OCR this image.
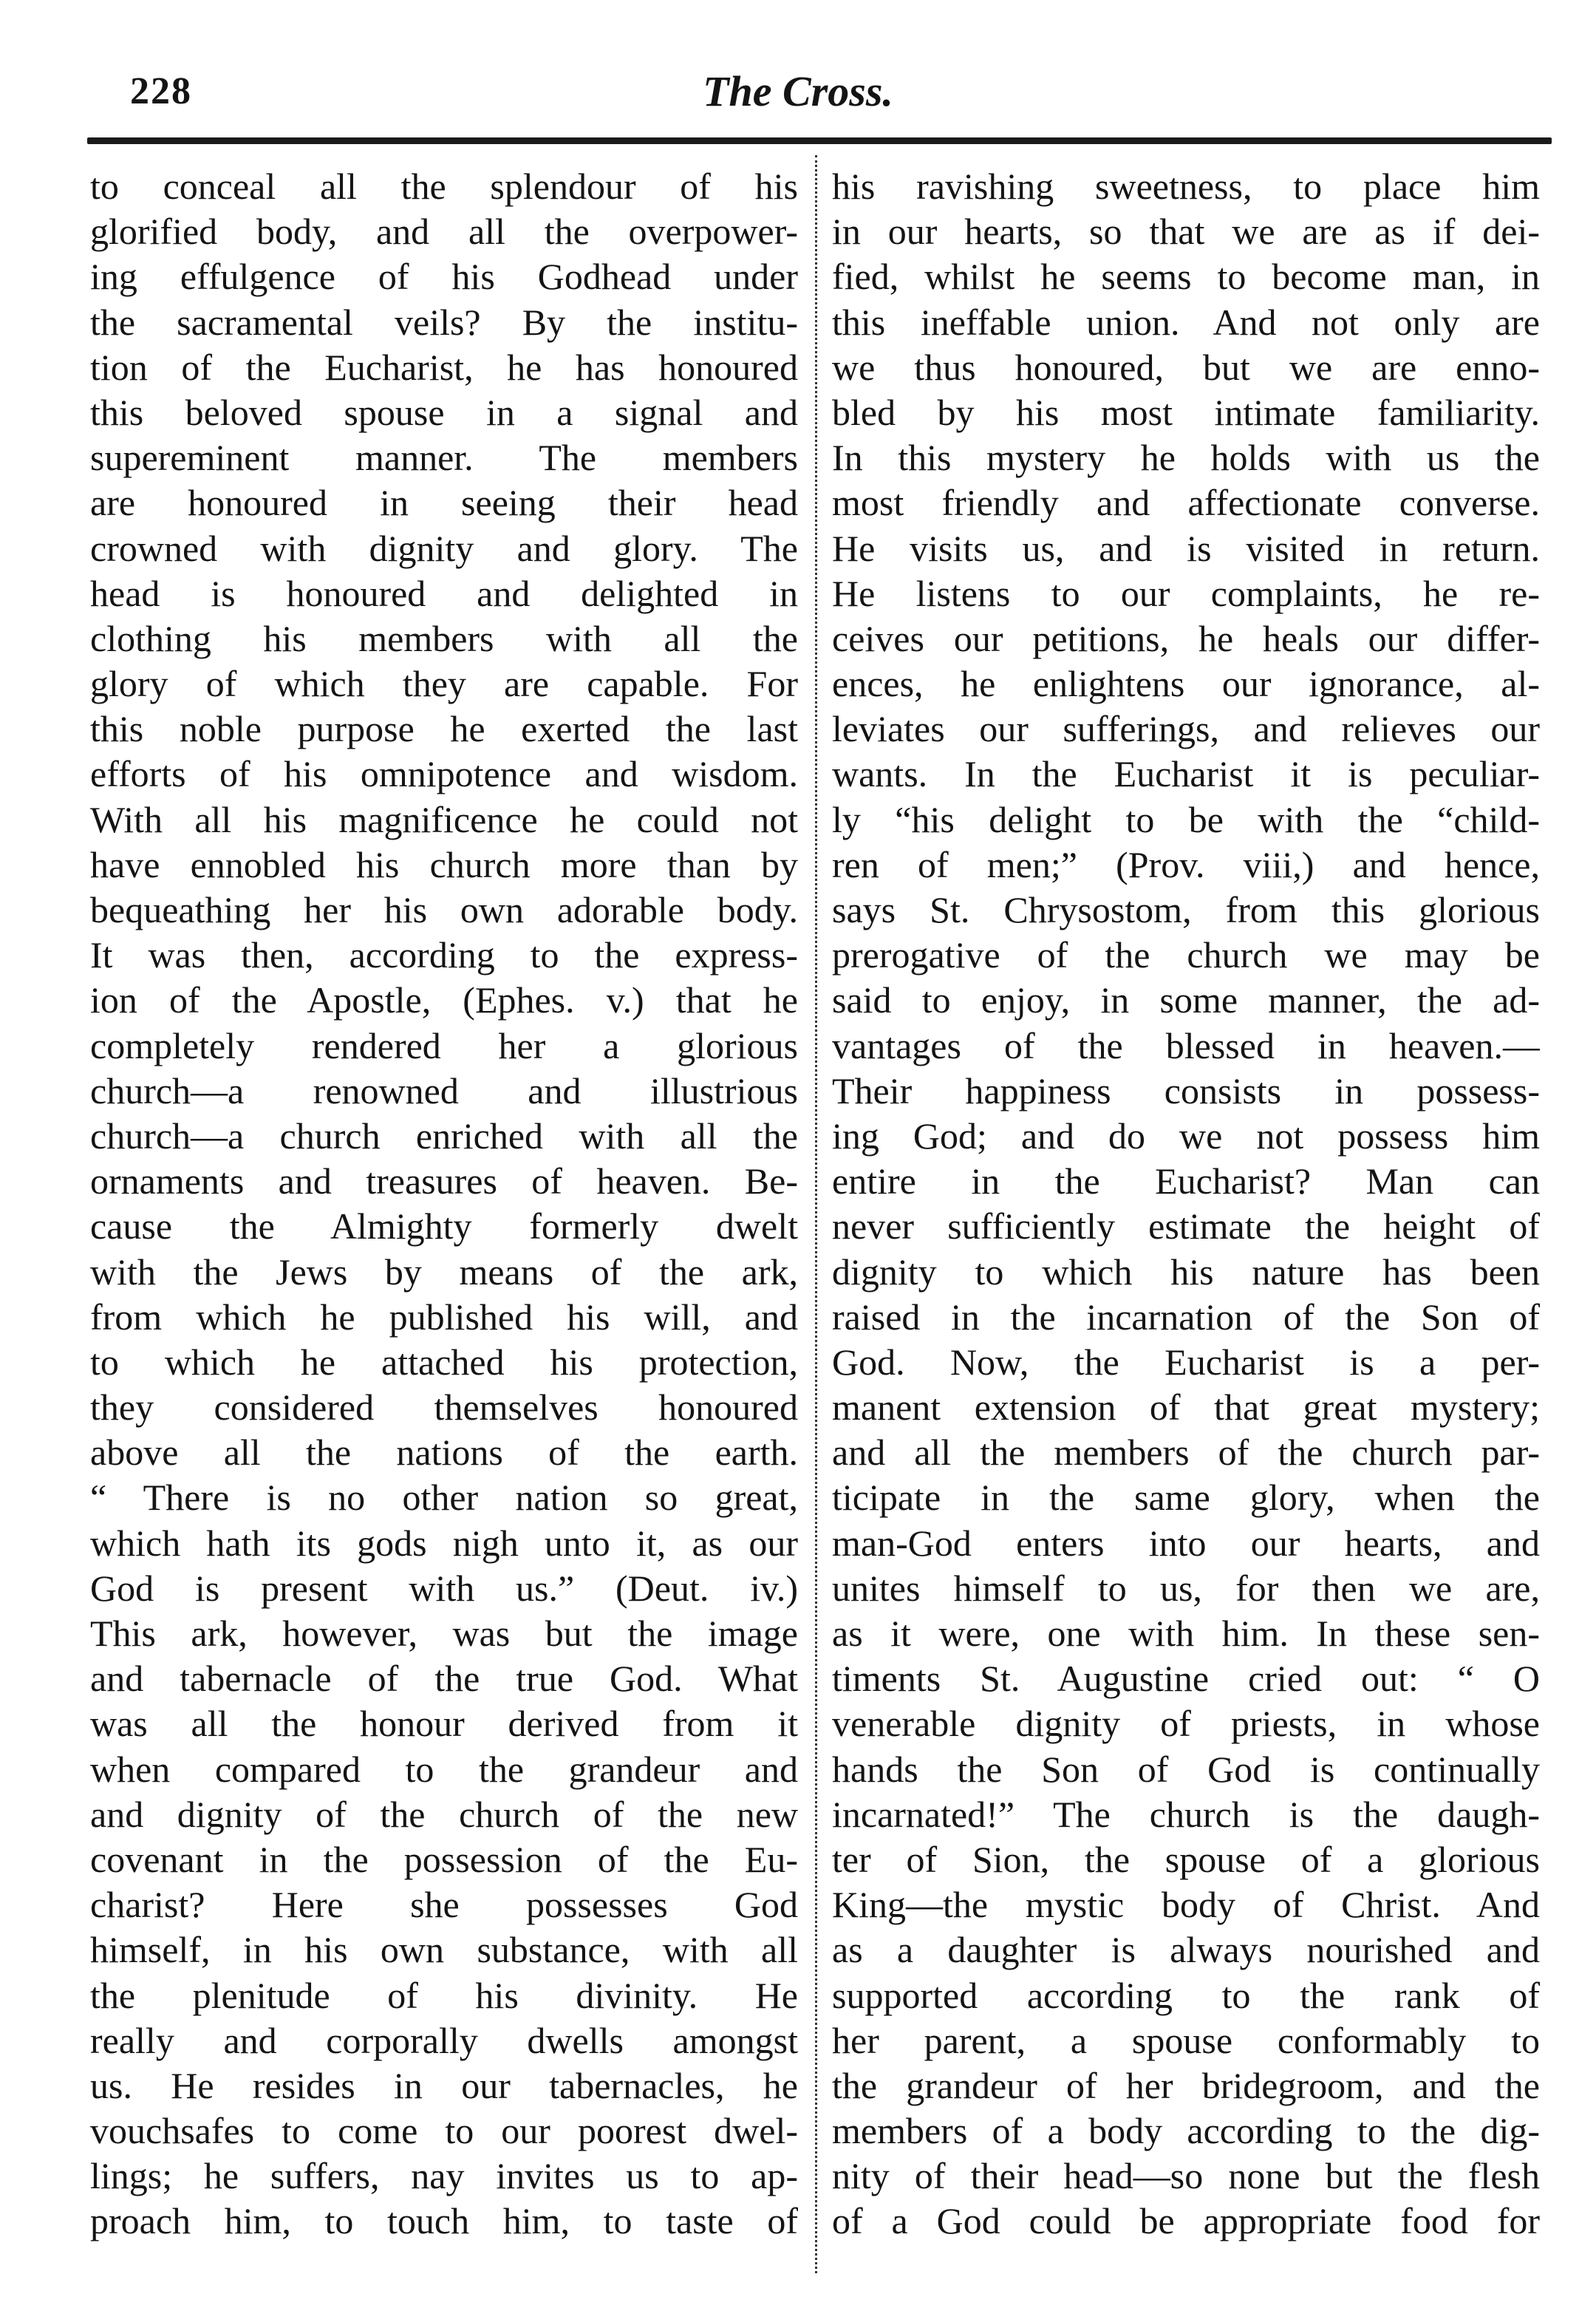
228	The Cross.
to conceal all the splendour of his
glorified body, and all the overpower-
ing effulgence of his Godhead under
the sacramental veils? By the institu-
tion of the Eucharist, he has honoured
this beloved spouse in a signal and
supereminent manner. The members
are honoured in seeing their head
crowned with dignity and glory. The
head is honoured and delighted in
clothing his members with all the
glory of which they are capable. For
this noble purpose he exerted the last
efforts of his omnipotence and wisdom.
With all his magnificence he could not
have ennobled his church more than by
bequeathing her his own adorable body.
It was then, according to the express-
ion of the Apostle, (Ephes. v.) that he
completely rendered her a glorious
church—a renowned and illustrious
church—a church enriched with all the
ornaments and treasures of heaven. Be-
cause the Almighty formerly dwelt
with the Jews by means of the ark,
from which he published his will, and
to which he attached his protection,
they considered themselves honoured
above all the nations of the earth.
“ There is no other nation so great,
which hath its gods nigh unto it, as our
God is present with us.” (Deut. iv.)
This ark, however, was but the image
and tabernacle of the true God. What
was all the honour derived from it
when compared to the grandeur and
and dignity of the church of the new
covenant in the possession of the Eu-
charist? Here she possesses God
himself, in his own substance, with all
the plenitude of his divinity. He
really and corporally dwells amongst
us. He resides in our tabernacles, he
vouchsafes to come to our poorest dwel-
lings; he suffers, nay invites us to ap-
proach him, to touch him, to taste of
his ravishing sweetness, to place him
in our hearts, so that we are as if dei-
fied, whilst he seems to become man, in
this ineffable union. And not only are
we thus honoured, but we are enno-
bled by his most intimate familiarity.
In this mystery he holds with us the
most friendly and affectionate converse.
He visits us, and is visited in return.
He listens to our complaints, he re-
ceives our petitions, he heals our differ-
ences, he enlightens our ignorance, al-
leviates our sufferings, and relieves our
wants. In the Eucharist it is peculiar-
ly “his delight to be with the “child-
ren of men;” (Prov. viii,) and hence,
says St. Chrysostom, from this glorious
prerogative of the church we may be
said to enjoy, in some manner, the ad-
vantages of the blessed in heaven.—
Their happiness consists in possess-
ing God; and do we not possess him
entire in the Eucharist? Man can
never sufficiently estimate the height of
dignity to which his nature has been
raised in the incarnation of the Son of
God. Now, the Eucharist is a per-
manent extension of that great mystery;
and all the members of the church par-
ticipate in the same glory, when the
man-God enters into our hearts, and
unites himself to us, for then we are,
as it were, one with him. In these sen-
timents St. Augustine cried out: “ O
venerable dignity of priests, in whose
hands the Son of God is continually
incarnated!” The church is the daugh-
ter of Sion, the spouse of a glorious
King—the mystic body of Christ. And
as a daughter is always nourished and
supported according to the rank of
her parent, a spouse conformably to
the grandeur of her bridegroom, and the
members of a body according to the dig-
nity of their head—so none but the flesh
of a God could be appropriate food for
